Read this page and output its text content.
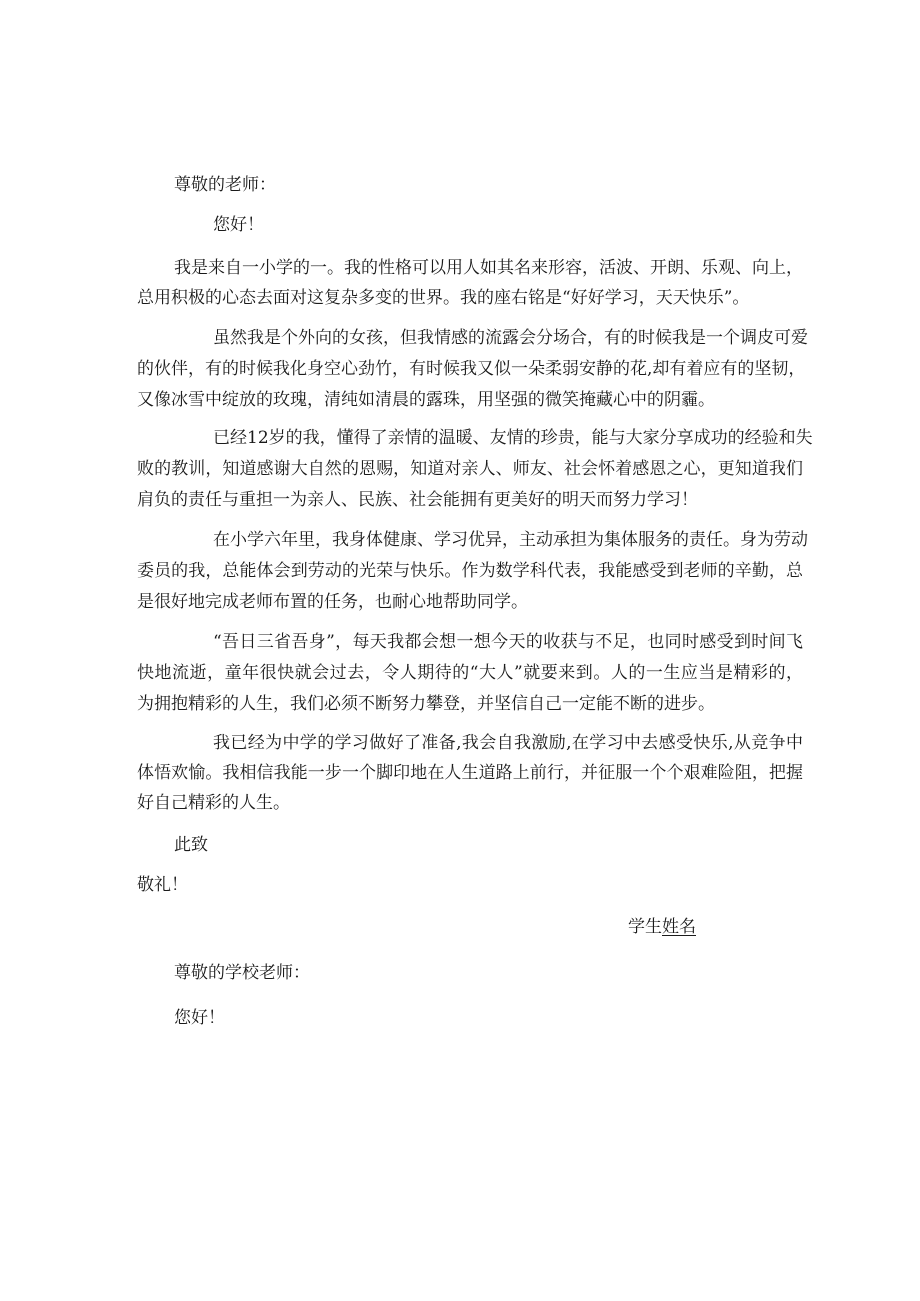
尊敬的老师：
您好！
我是来自一小学的一。我的性格可以用人如其名来形容，活波、开朗、乐观、向上，
总用积极的心态去面对这复杂多变的世界。我的座右铭是“好好学习，天天快乐”。
虽然我是个外向的女孩，但我情感的流露会分场合，有的时候我是一个调皮可爱
的伙伴，有的时候我化身空心劲竹，有时候我又似一朵柔弱安静的花,却有着应有的坚韧，
又像冰雪中绽放的玫瑰，清纯如清晨的露珠，用坚强的微笑掩藏心中的阴霾。
已经12岁的我，懂得了亲情的温暖、友情的珍贵，能与大家分享成功的经验和失
败的教训，知道感谢大自然的恩赐，知道对亲人、师友、社会怀着感恩之心，更知道我们
肩负的责任与重担一为亲人、民族、社会能拥有更美好的明天而努力学习！
在小学六年里，我身体健康、学习优异，主动承担为集体服务的责任。身为劳动
委员的我，总能体会到劳动的光荣与快乐。作为数学科代表，我能感受到老师的辛勤，总
是很好地完成老师布置的任务，也耐心地帮助同学。
“吾日三省吾身”，每天我都会想一想今天的收获与不足，也同时感受到时间飞
快地流逝，童年很快就会过去，令人期待的“大人”就要来到。人的一生应当是精彩的，
为拥抱精彩的人生，我们必须不断努力攀登，并坚信自己一定能不断的进步。
我已经为中学的学习做好了准备,我会自我激励,在学习中去感受快乐,从竞争中
体悟欢愉。我相信我能一步一个脚印地在人生道路上前行，并征服一个个艰难险阻，把握
好自己精彩的人生。
此致
敬礼！
学生姓名
尊敬的学校老师：
您好！
